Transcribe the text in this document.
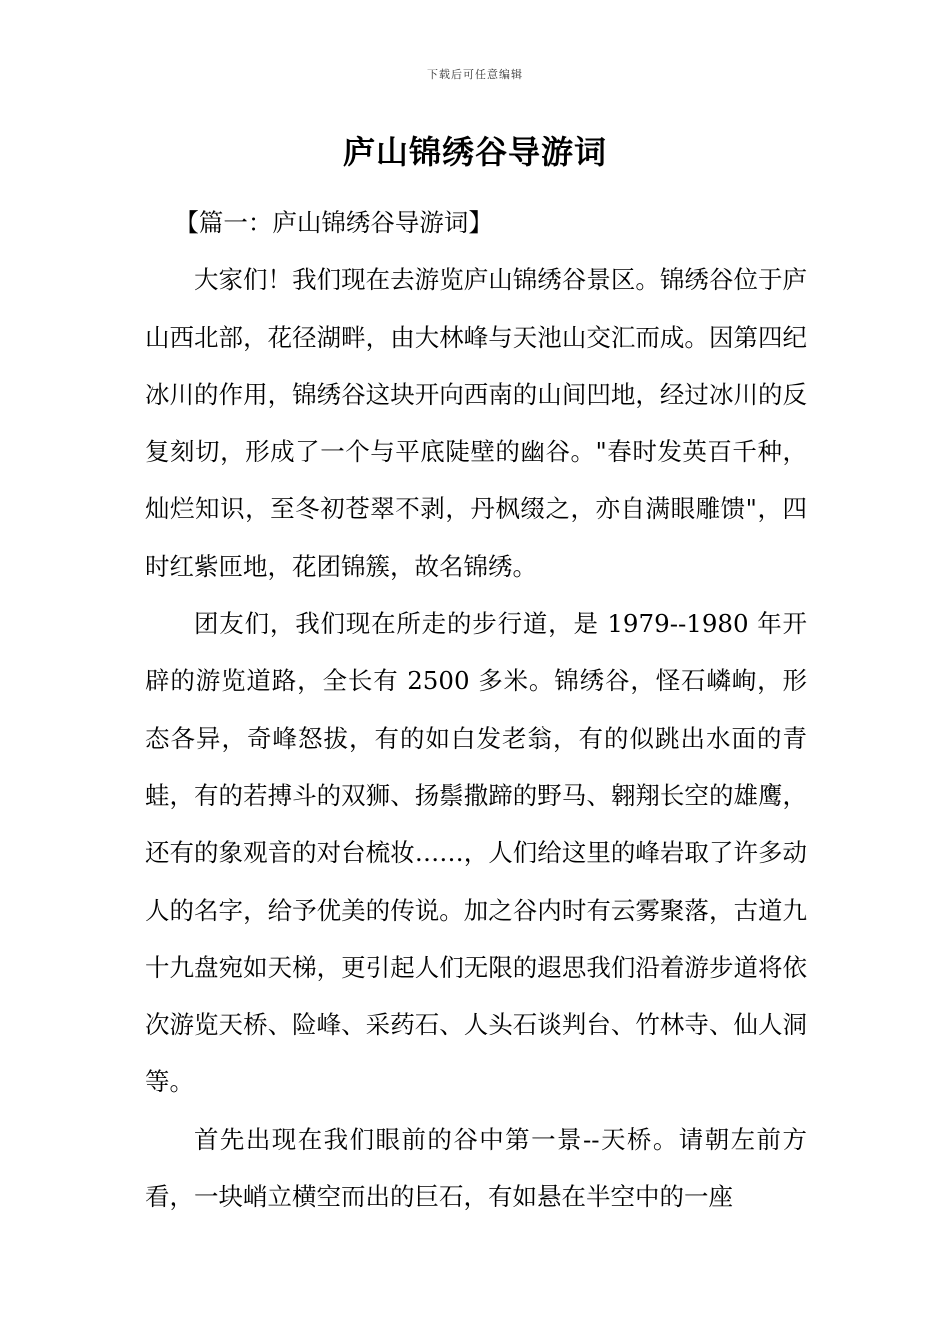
下载后可任意编辑
庐山锦绣谷导游词

【篇一：庐山锦绣谷导游词】

大家们！我们现在去游览庐山锦绣谷景区。锦绣谷位于庐山西北部，花径湖畔，由大林峰与天池山交汇而成。因第四纪冰川的作用，锦绣谷这块开向西南的山间凹地，经过冰川的反复刻切，形成了一个与平底陡壁的幽谷。"春时发英百千种，灿烂知识，至冬初苍翠不剥，丹枫缀之，亦自满眼雕馈"，四时红紫匝地，花团锦簇，故名锦绣。

团友们，我们现在所走的步行道，是 1979--1980 年开辟的游览道路，全长有 2500 多米。锦绣谷，怪石嶙峋，形态各异，奇峰怒拔，有的如白发老翁，有的似跳出水面的青蛙，有的若搏斗的双狮、扬鬃撒蹄的野马、翱翔长空的雄鹰，还有的象观音的对台梳妆……，人们给这里的峰岩取了许多动人的名字，给予优美的传说。加之谷内时有云雾聚落，古道九十九盘宛如天梯，更引起人们无限的遐思我们沿着游步道将依次游览天桥、险峰、采药石、人头石谈判台、竹林寺、仙人洞等。

首先出现在我们眼前的谷中第一景--天桥。请朝左前方看，一块峭立横空而出的巨石，有如悬在半空中的一座
